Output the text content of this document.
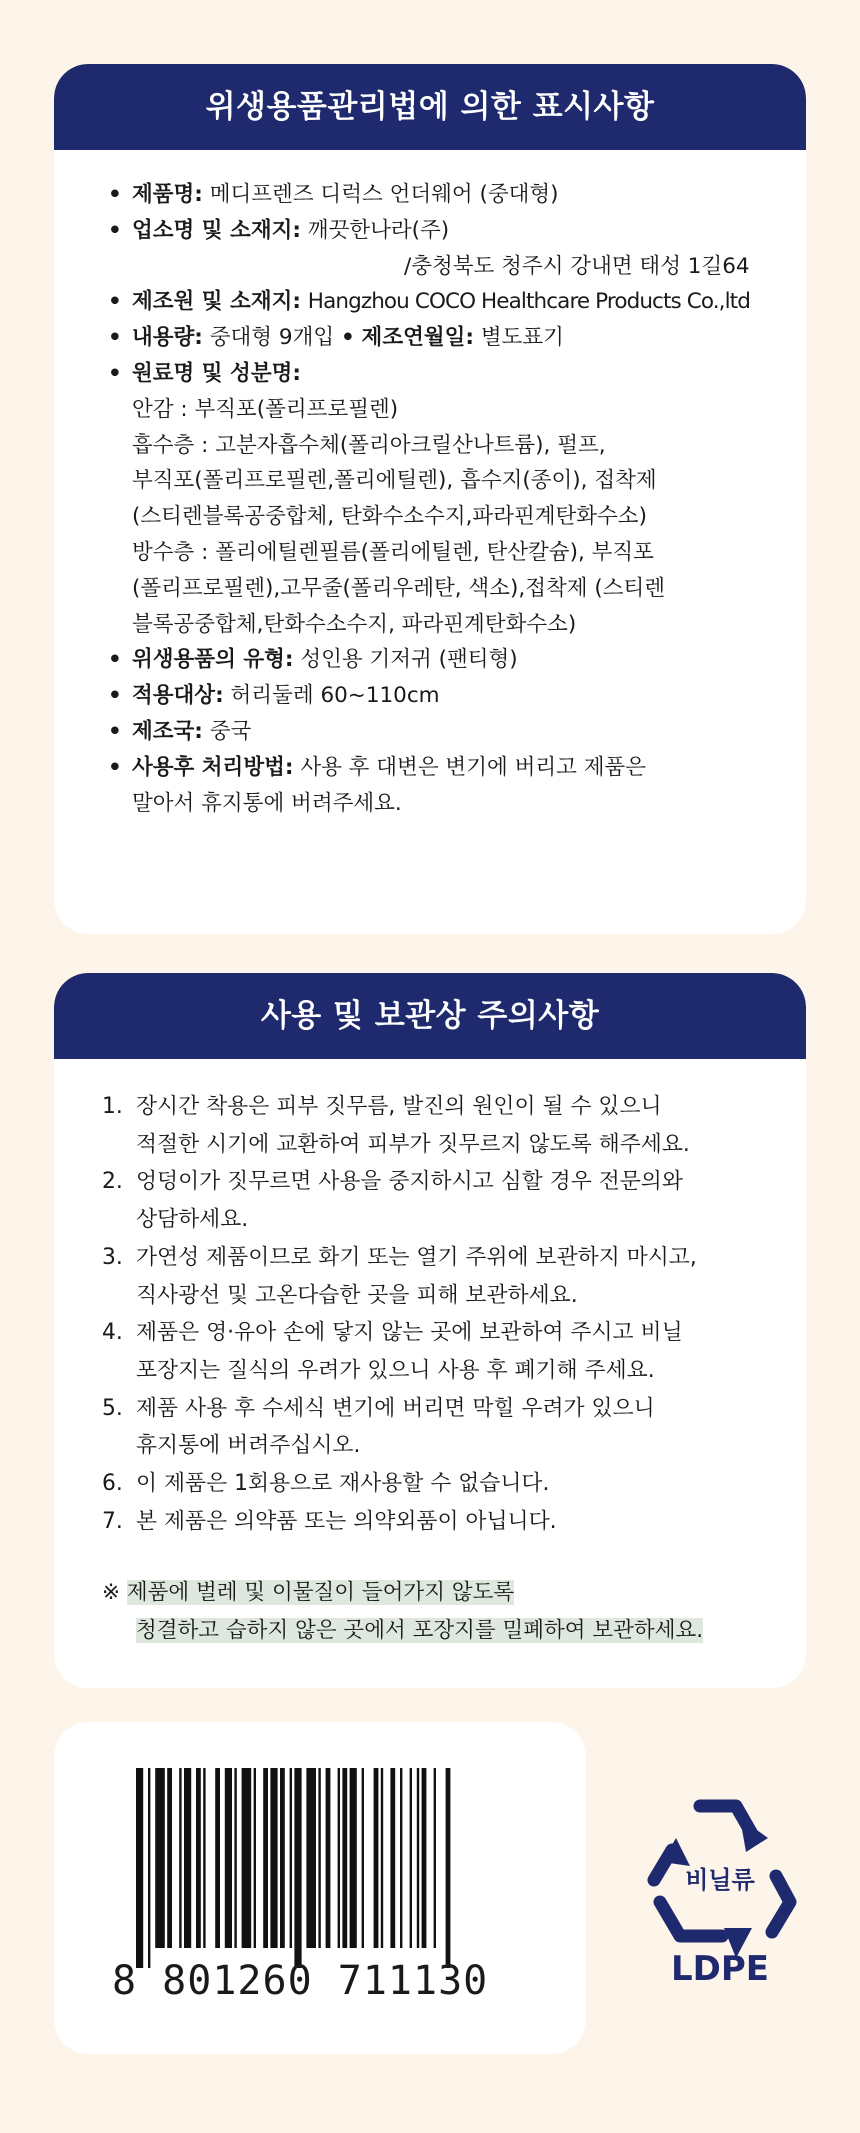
위생용품관리법에 의한 표시사항
• 제품명: 메디프렌즈 디럭스 언더웨어 (중대형)
• 업소명 및 소재지: 깨끗한나라(주)
/충청북도 청주시 강내면 태성 1길64
• 제조원 및 소재지: Hangzhou COCO Healthcare Products Co.,ltd
• 내용량: 중대형 9개입 • 제조연월일: 별도표기
• 원료명 및 성분명:
안감 : 부직포(폴리프로필렌)
흡수층 : 고분자흡수체(폴리아크릴산나트륨), 펄프,
부직포(폴리프로필렌,폴리에틸렌), 흡수지(종이), 접착제
(스티렌블록공중합체, 탄화수소수지,파라핀계탄화수소)
방수층 : 폴리에틸렌필름(폴리에틸렌, 탄산칼슘), 부직포
(폴리프로필렌),고무줄(폴리우레탄, 색소),접착제 (스티렌
블록공중합체,탄화수소수지, 파라핀계탄화수소)
• 위생용품의 유형: 성인용 기저귀 (팬티형)
• 적용대상: 허리둘레 60~110cm
• 제조국: 중국
• 사용후 처리방법: 사용 후 대변은 변기에 버리고 제품은
말아서 휴지통에 버려주세요.
사용 및 보관상 주의사항
1. 장시간 착용은 피부 짓무름, 발진의 원인이 될 수 있으니
적절한 시기에 교환하여 피부가 짓무르지 않도록 해주세요.
2. 엉덩이가 짓무르면 사용을 중지하시고 심할 경우 전문의와
상담하세요.
3. 가연성 제품이므로 화기 또는 열기 주위에 보관하지 마시고,
직사광선 및 고온다습한 곳을 피해 보관하세요.
4. 제품은 영·유아 손에 닿지 않는 곳에 보관하여 주시고 비닐
포장지는 질식의 우려가 있으니 사용 후 폐기해 주세요.
5. 제품 사용 후 수세식 변기에 버리면 막힐 우려가 있으니
휴지통에 버려주십시오.
6. 이 제품은 1회용으로 재사용할 수 없습니다.
7. 본 제품은 의약품 또는 의약외품이 아닙니다.
※ 제품에 벌레 및 이물질이 들어가지 않도록
청결하고 습하지 않은 곳에서 포장지를 밀폐하여 보관하세요.
8 801260 711130
비닐류
LDPE
